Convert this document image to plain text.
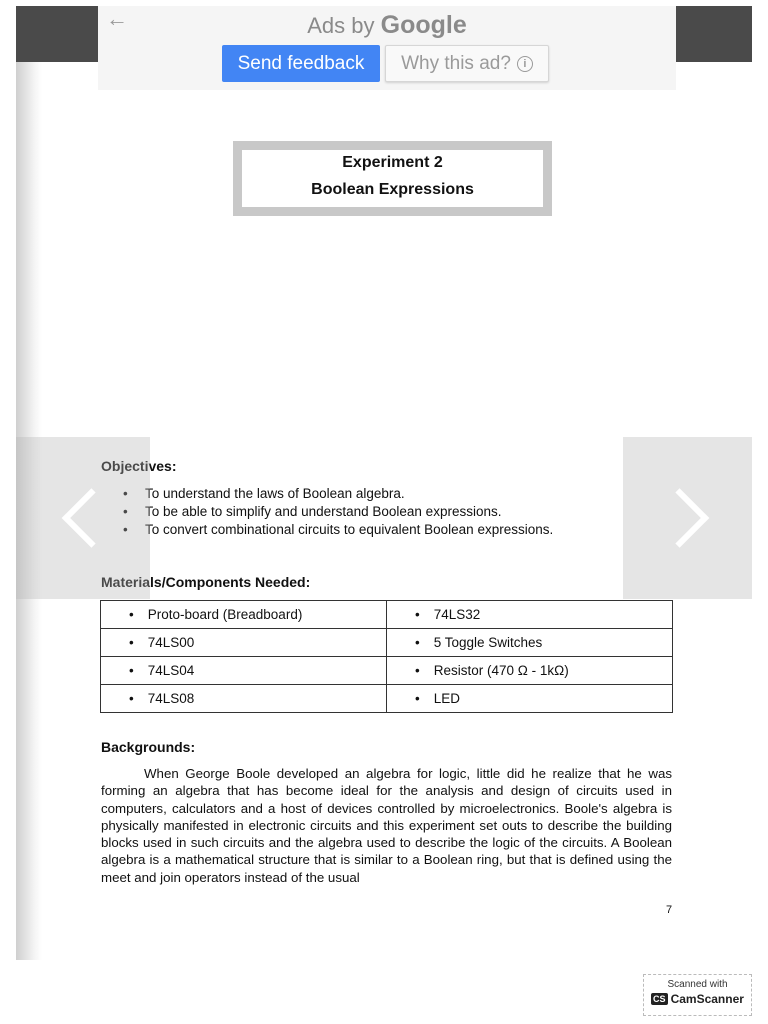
←	Ads by Google
Send feedback	Why this ad?	i
Experiment 2
Boolean Expressions
Objectives:
• To understand the laws of Boolean algebra.
• To be able to simplify and understand Boolean expressions.
• To convert combinational circuits to equivalent Boolean expressions.
Materials/Components Needed:
• Proto-board (Breadboard)	• 74LS32
• 74LS00	• 5 Toggle Switches
• 74LS04	• Resistor (470 Ω - 1kΩ)
• 74LS08	• LED
Backgrounds:
When George Boole developed an algebra for logic, little did he realize that he was forming an algebra that has become ideal for the analysis and design of circuits used in computers, calculators and a host of devices controlled by microelectronics. Boole's algebra is physically manifested in electronic circuits and this experiment set outs to describe the building blocks used in such circuits and the algebra used to describe the logic of the circuits. A Boolean algebra is a mathematical structure that is similar to a Boolean ring, but that is defined using the meet and join operators instead of the usual
7
Scanned with
CS CamScanner
